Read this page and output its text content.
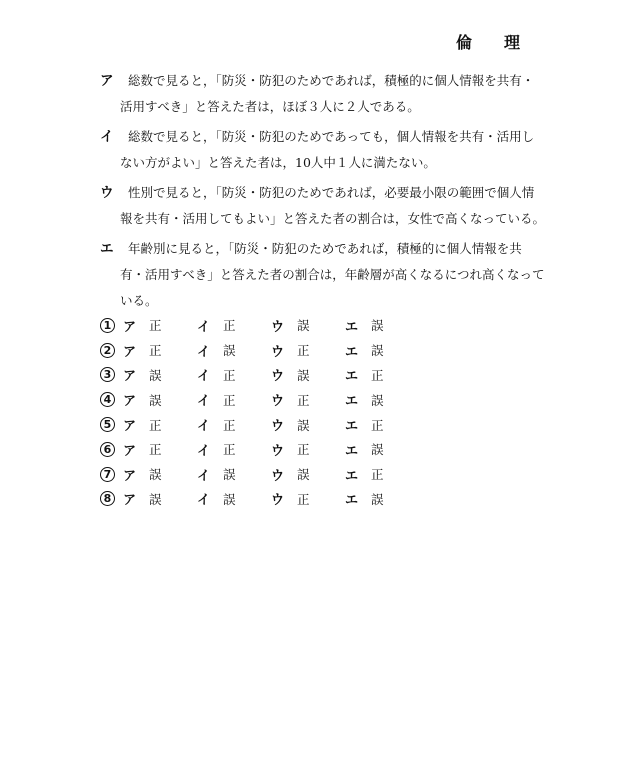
倫　理
ア	総数で見ると，「防災・防犯のためであれば，積極的に個人情報を共有・
活用すべき」と答えた者は，ほぼ３人に２人である。
イ	総数で見ると，「防災・防犯のためであっても，個人情報を共有・活用し
ない方がよい」と答えた者は，10人中１人に満たない。
ウ	性別で見ると，「防災・防犯のためであれば，必要最小限の範囲で個人情
報を共有・活用してもよい」と答えた者の割合は，女性で高くなっている。
エ	年齢別に見ると，「防災・防犯のためであれば，積極的に個人情報を共
有・活用すべき」と答えた者の割合は，年齢層が高くなるにつれ高くなって
いる。
1 ア	正	イ	正	ウ	誤	エ	誤
2 ア	正	イ	誤	ウ	正	エ	誤
3 ア	誤	イ	正	ウ	誤	エ	正
4 ア	誤	イ	正	ウ	正	エ	誤
5 ア	正	イ	正	ウ	誤	エ	正
6 ア	正	イ	正	ウ	正	エ	誤
7 ア	誤	イ	誤	ウ	誤	エ	正
8 ア	誤	イ	誤	ウ	正	エ	誤
